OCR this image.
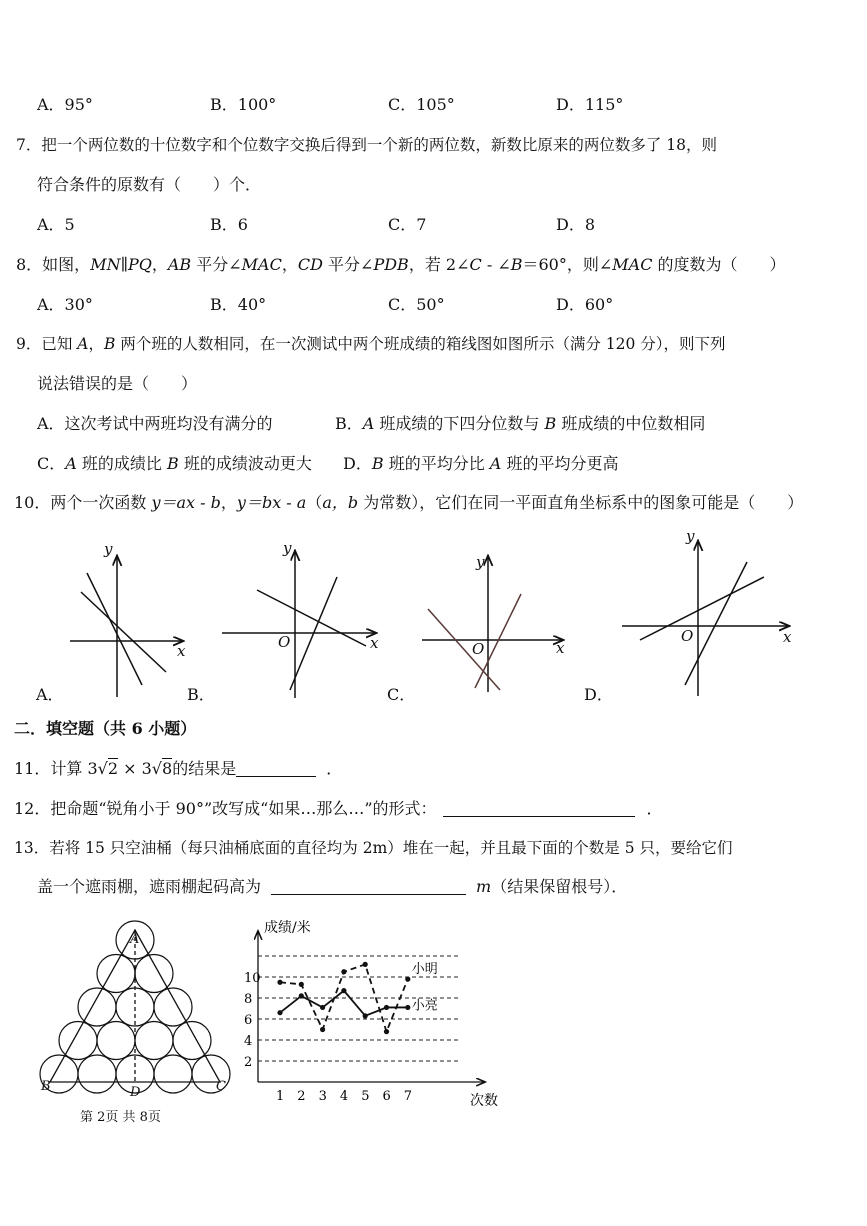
A．95°	B．100°	C．105°	D．115°
7．把一个两位数的十位数字和个位数字交换后得到一个新的两位数，新数比原来的两位数多了 18，则
符合条件的原数有（　　）个．
A．5	B．6	C．7	D．8
8．如图，MN∥PQ，AB 平分∠MAC，CD 平分∠PDB，若 2∠C - ∠B＝60°，则∠MAC 的度数为（　　）
A．30°	B．40°	C．50°	D．60°
9．已知 A，B 两个班的人数相同，在一次测试中两个班成绩的箱线图如图所示（满分 120 分），则下列
说法错误的是（　　）
A．这次考试中两班均没有满分的	B．A 班成绩的下四分位数与 B 班成绩的中位数相同
C．A 班的成绩比 B 班的成绩波动更大 D．B 班的平均分比 A 班的平均分更高
10．两个一次函数 y＝ax - b，y＝bx - a（a，b 为常数），它们在同一平面直角坐标系中的图象可能是（　　）
y
x
y
x
O
y
x
O
y
x
O
A．	B．	C．	D．
二．填空题（共 6 小题）
11．计算 3√2 × 3√8的结果是	．
12．把命题“锐角小于 90°”改写成“如果…那么…”的形式：	．
13．若将 15 只空油桶（每只油桶底面的直径均为 2m）堆在一起，并且最下面的个数是 5 只，要给它们
盖一个遮雨棚，遮雨棚起码高为	m（结果保留根号）．
A
B	C
D
成绩/米
次数
2
4
6
8
10
1 2 3 4 5 6 7
小明
小亮
第 2页 共 8页
